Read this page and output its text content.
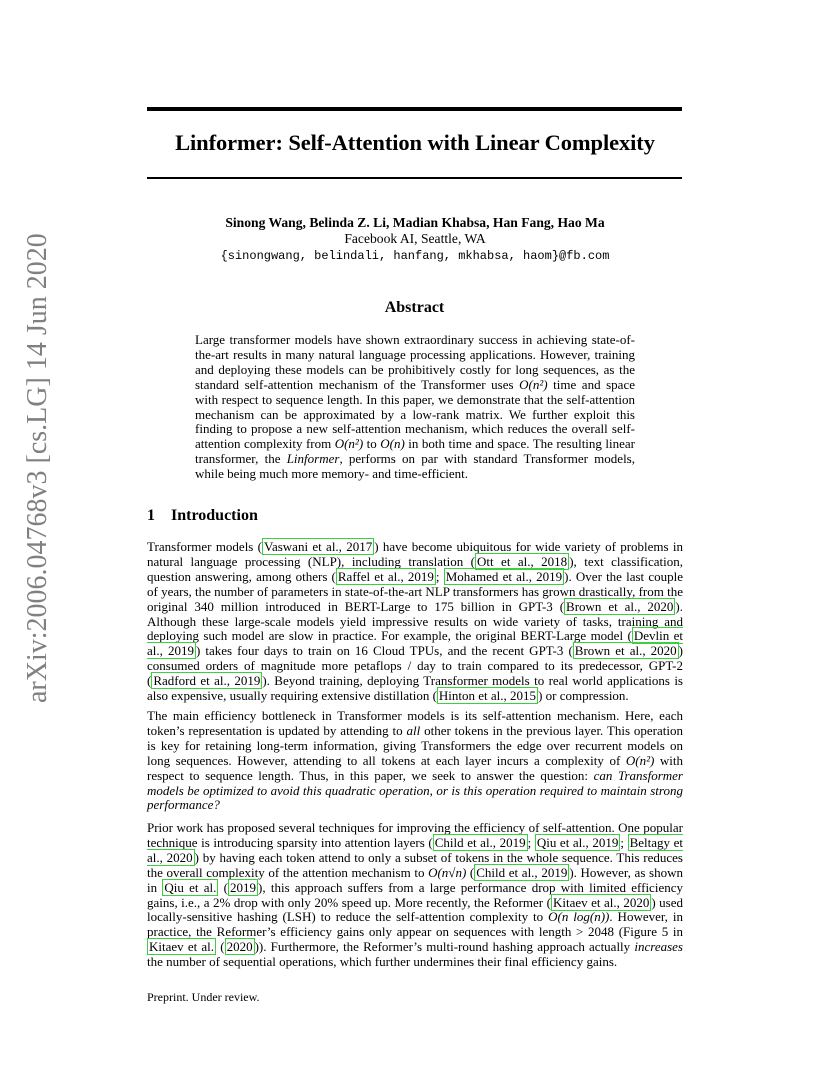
arXiv:2006.04768v3 [cs.LG] 14 Jun 2020
Linformer: Self-Attention with Linear Complexity
Sinong Wang, Belinda Z. Li, Madian Khabsa, Han Fang, Hao Ma
Facebook AI, Seattle, WA
{sinongwang, belindali, hanfang, mkhabsa, haom}@fb.com
Abstract
Large transformer models have shown extraordinary success in achieving state-of-the-art results in many natural language processing applications. However, training and deploying these models can be prohibitively costly for long sequences, as the standard self-attention mechanism of the Transformer uses O(n²) time and space with respect to sequence length. In this paper, we demonstrate that the self-attention mechanism can be approximated by a low-rank matrix. We further exploit this finding to propose a new self-attention mechanism, which reduces the overall self-attention complexity from O(n²) to O(n) in both time and space. The resulting linear transformer, the Linformer, performs on par with standard Transformer models, while being much more memory- and time-efficient.
1 Introduction
Transformer models ( Vaswani et al., 2017 ) have become ubiquitous for wide variety of problems in natural language processing (NLP), including translation ( Ott et al., 2018 ), text classification, question answering, among others ( Raffel et al., 2019 ; Mohamed et al., 2019 ). Over the last couple of years, the number of parameters in state-of-the-art NLP transformers has grown drastically, from the original 340 million introduced in BERT-Large to 175 billion in GPT-3 ( Brown et al., 2020 ). Although these large-scale models yield impressive results on wide variety of tasks, training and deploying such model are slow in practice. For example, the original BERT-Large model ( Devlin et al., 2019 ) takes four days to train on 16 Cloud TPUs, and the recent GPT-3 ( Brown et al., 2020 ) consumed orders of magnitude more petaflops / day to train compared to its predecessor, GPT-2 ( Radford et al., 2019 ). Beyond training, deploying Transformer models to real world applications is also expensive, usually requiring extensive distillation ( Hinton et al., 2015 ) or compression.
The main efficiency bottleneck in Transformer models is its self-attention mechanism. Here, each token’s representation is updated by attending to all other tokens in the previous layer. This operation is key for retaining long-term information, giving Transformers the edge over recurrent models on long sequences. However, attending to all tokens at each layer incurs a complexity of O(n²) with respect to sequence length. Thus, in this paper, we seek to answer the question: can Transformer models be optimized to avoid this quadratic operation, or is this operation required to maintain strong performance?
Prior work has proposed several techniques for improving the efficiency of self-attention. One popular technique is introducing sparsity into attention layers ( Child et al., 2019 ; Qiu et al., 2019 ; Beltagy et al., 2020 ) by having each token attend to only a subset of tokens in the whole sequence. This reduces the overall complexity of the attention mechanism to O(n√n) ( Child et al., 2019 ). However, as shown in Qiu et al. ( 2019 ), this approach suffers from a large performance drop with limited efficiency gains, i.e., a 2% drop with only 20% speed up. More recently, the Reformer ( Kitaev et al., 2020 ) used locally-sensitive hashing (LSH) to reduce the self-attention complexity to O(n log(n)). However, in practice, the Reformer’s efficiency gains only appear on sequences with length > 2048 (Figure 5 in Kitaev et al. ( 2020 )). Furthermore, the Reformer’s multi-round hashing approach actually increases the number of sequential operations, which further undermines their final efficiency gains.
Preprint. Under review.
